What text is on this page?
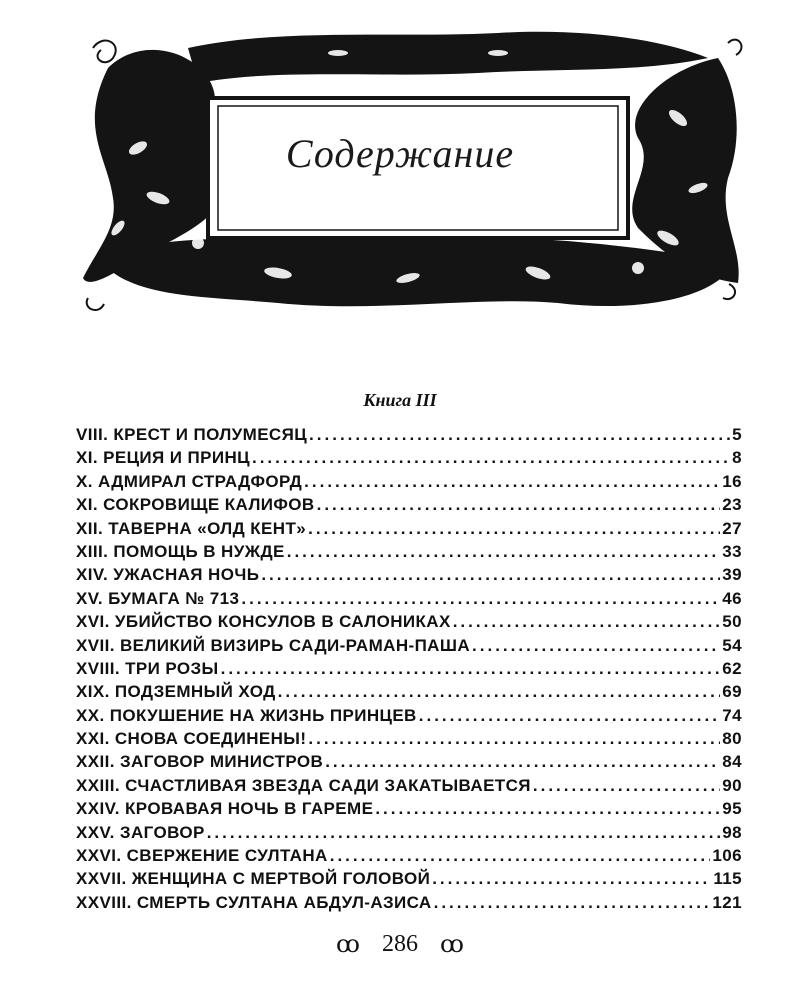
Содержание
Книга III
VIII. КРЕСТ И ПОЛУМЕСЯЦ .....	5
XI. РЕЦИЯ И ПРИНЦ .....	8
X. АДМИРАЛ СТРАДФОРД .....	16
XI. СОКРОВИЩЕ КАЛИФОВ .....	23
XII. ТАВЕРНА «ОЛД КЕНТ» .....	27
XIII. ПОМОЩЬ В НУЖДЕ .....	33
XIV. УЖАСНАЯ НОЧЬ .....	39
XV. БУМАГА № 713 .....	46
XVI. УБИЙСТВО КОНСУЛОВ В САЛОНИКАХ .....	50
XVII. ВЕЛИКИЙ ВИЗИРЬ САДИ-РАМАН-ПАША .....	54
XVIII. ТРИ РОЗЫ .....	62
XIX. ПОДЗЕМНЫЙ ХОД .....	69
XX. ПОКУШЕНИЕ НА ЖИЗНЬ ПРИНЦЕВ .....	74
XXI. СНОВА СОЕДИНЕНЫ! .....	80
XXII. ЗАГОВОР МИНИСТРОВ .....	84
XXIII. СЧАСТЛИВАЯ ЗВЕЗДА САДИ ЗАКАТЫВАЕТСЯ .....	90
XXIV. КРОВАВАЯ НОЧЬ В ГАРЕМЕ .....	95
XXV. ЗАГОВОР .....	98
XXVI. СВЕРЖЕНИЕ СУЛТАНА .....	106
XXVII. ЖЕНЩИНА С МЕРТВОЙ ГОЛОВОЙ .....	115
XXVIII. СМЕРТЬ СУЛТАНА АБДУЛ-АЗИСА .....	121
ꝏ 286 ꝏ
